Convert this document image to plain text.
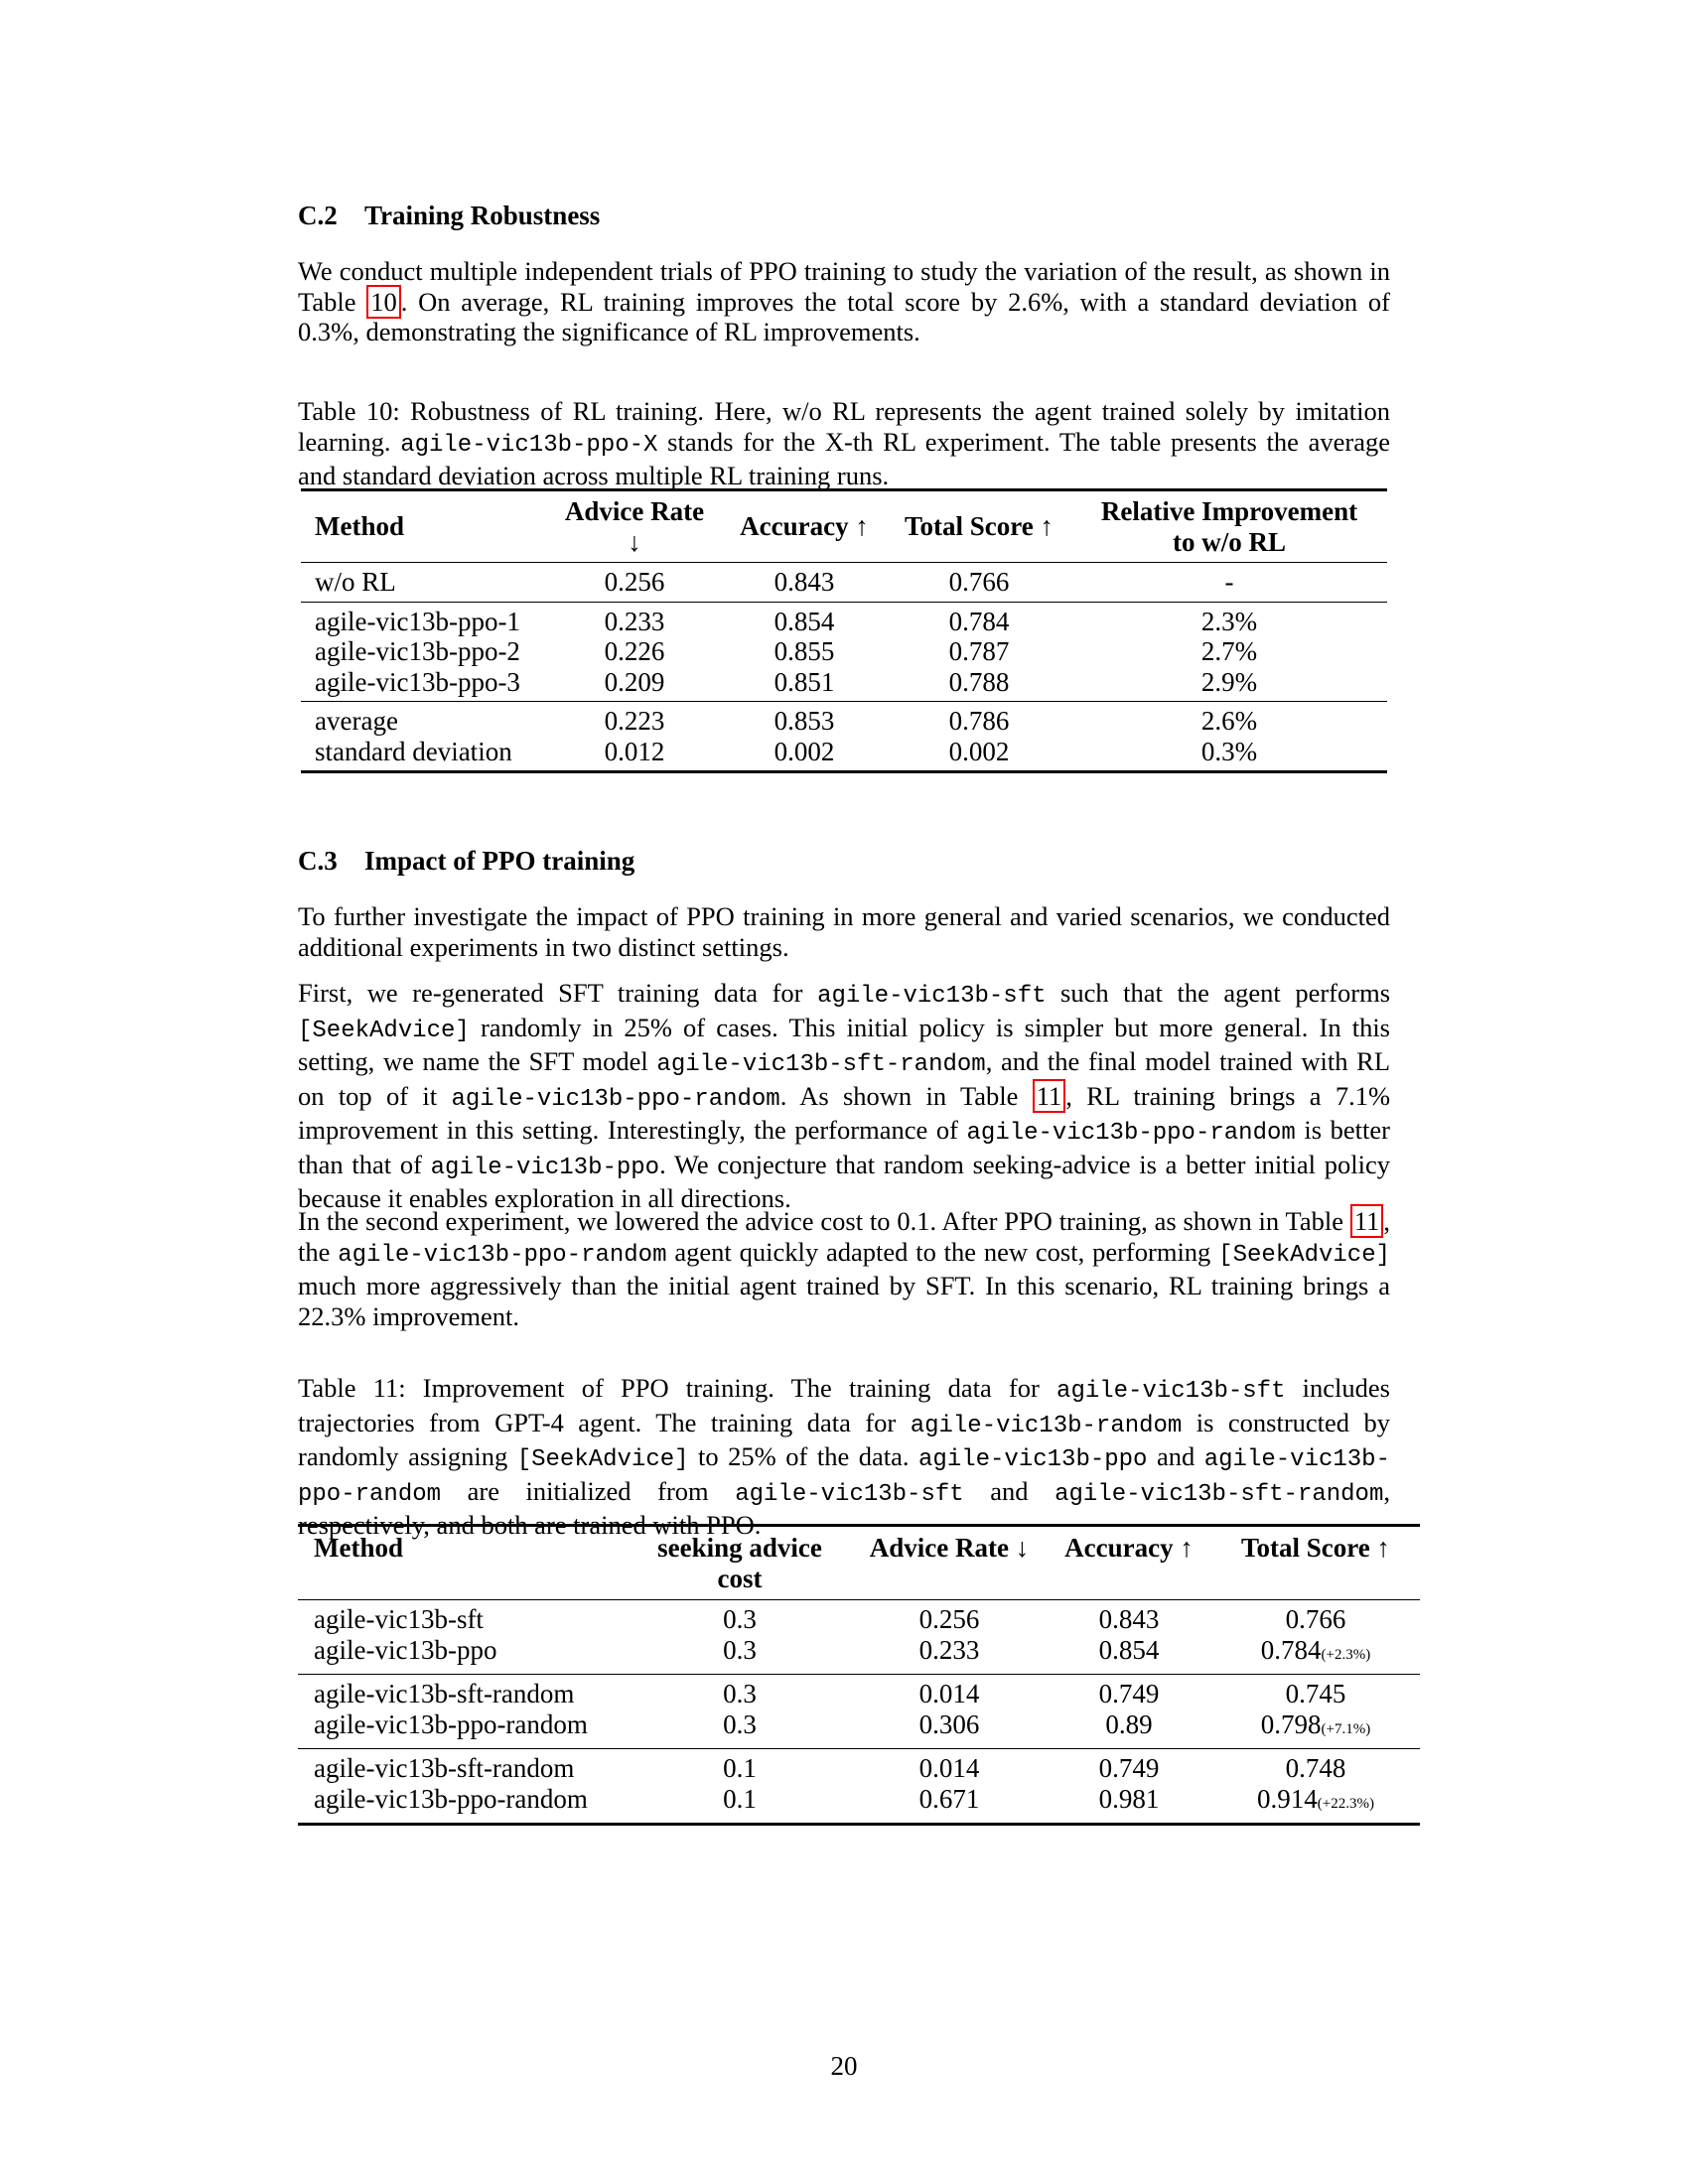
C.2 Training Robustness

We conduct multiple independent trials of PPO training to study the variation of the result, as shown in Table 10 . On average, RL training improves the total score by 2.6%, with a standard deviation of 0.3%, demonstrating the significance of RL improvements.

Table 10: Robustness of RL training. Here, w/o RL represents the agent trained solely by imitation learning. agile-vic13b-ppo-X stands for the X-th RL experiment. The table presents the average and standard deviation across multiple RL training runs.
Method	Advice Rate ↓	Accuracy ↑	Total Score ↑	Relative Improvement
to w/o RL
w/o RL	0.256	0.843	0.766	-
agile-vic13b-ppo-1	0.233	0.854	0.784	2.3%
agile-vic13b-ppo-2	0.226	0.855	0.787	2.7%
agile-vic13b-ppo-3	0.209	0.851	0.788	2.9%
average	0.223	0.853	0.786	2.6%
standard deviation	0.012	0.002	0.002	0.3%
C.3 Impact of PPO training

To further investigate the impact of PPO training in more general and varied scenarios, we conducted additional experiments in two distinct settings.

First, we re-generated SFT training data for agile-vic13b-sft such that the agent performs [SeekAdvice] randomly in 25% of cases. This initial policy is simpler but more general. In this setting, we name the SFT model agile-vic13b-sft-random, and the final model trained with RL on top of it agile-vic13b-ppo-random. As shown in Table 11 , RL training brings a 7.1% improvement in this setting. Interestingly, the performance of agile-vic13b-ppo-random is better than that of agile-vic13b-ppo. We conjecture that random seeking-advice is a better initial policy because it enables exploration in all directions.

In the second experiment, we lowered the advice cost to 0.1. After PPO training, as shown in Table 11 , the agile-vic13b-ppo-random agent quickly adapted to the new cost, performing [SeekAdvice] much more aggressively than the initial agent trained by SFT. In this scenario, RL training brings a 22.3% improvement.

Table 11: Improvement of PPO training. The training data for agile-vic13b-sft includes trajectories from GPT-4 agent. The training data for agile-vic13b-random is constructed by randomly assigning [SeekAdvice] to 25% of the data. agile-vic13b-ppo and agile-vic13b-ppo-random are initialized from agile-vic13b-sft and agile-vic13b-sft-random, respectively, and both are trained with PPO.
Method	seeking advice cost	Advice Rate ↓	Accuracy ↑	Total Score ↑
agile-vic13b-sft	0.3	0.256	0.843	0.766
agile-vic13b-ppo	0.3	0.233	0.854	0.784(+2.3%)
agile-vic13b-sft-random	0.3	0.014	0.749	0.745
agile-vic13b-ppo-random	0.3	0.306	0.89	0.798(+7.1%)
agile-vic13b-sft-random	0.1	0.014	0.749	0.748
agile-vic13b-ppo-random	0.1	0.671	0.981	0.914(+22.3%)
20
